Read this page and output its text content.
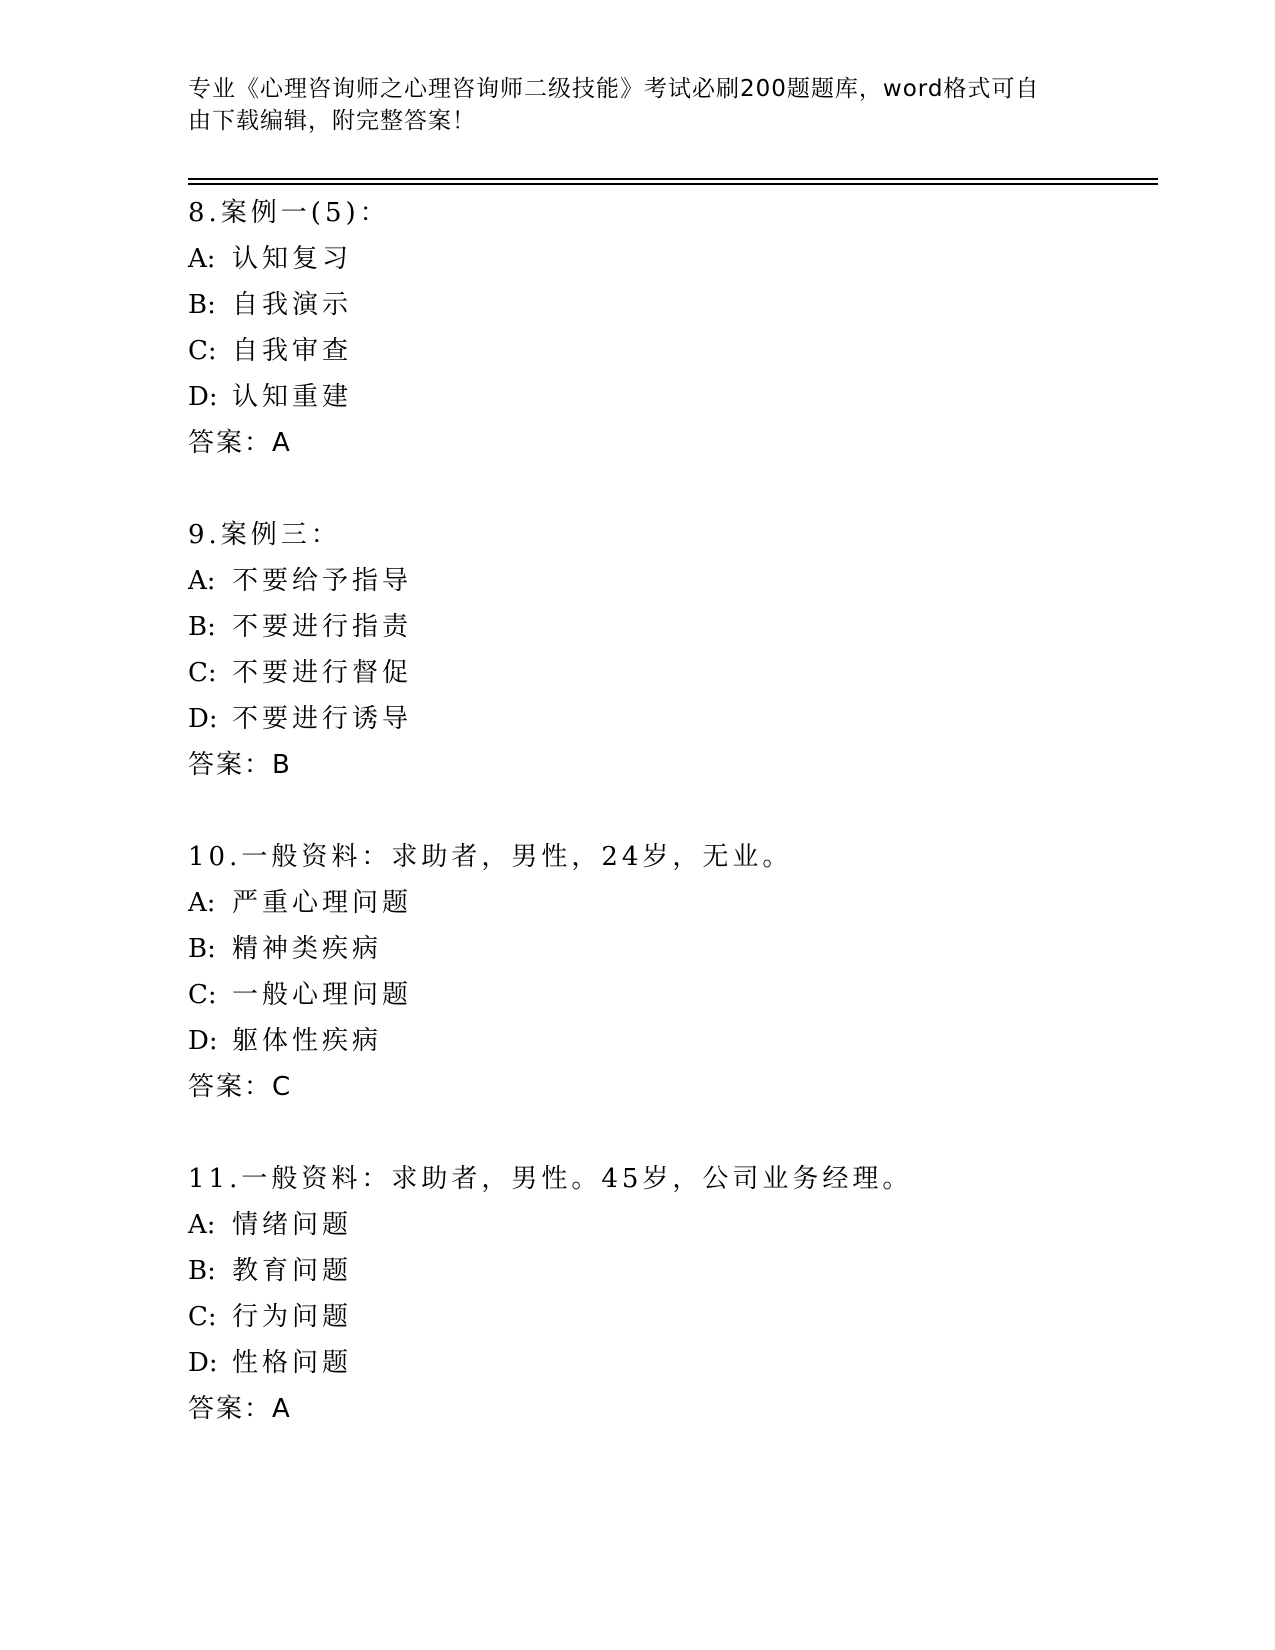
专业《心理咨询师之心理咨询师二级技能》考试必刷200题题库，word格式可自
由下载编辑，附完整答案！
8.案例一(5)：
A: 认知复习
B: 自我演示
C: 自我审查
D: 认知重建
答案：A
9.案例三：
A: 不要给予指导
B: 不要进行指责
C: 不要进行督促
D: 不要进行诱导
答案：B
10.一般资料：求助者，男性，24岁，无业。
A: 严重心理问题
B: 精神类疾病
C: 一般心理问题
D: 躯体性疾病
答案：C
11.一般资料：求助者，男性。45岁，公司业务经理。
A: 情绪问题
B: 教育问题
C: 行为问题
D: 性格问题
答案：A
